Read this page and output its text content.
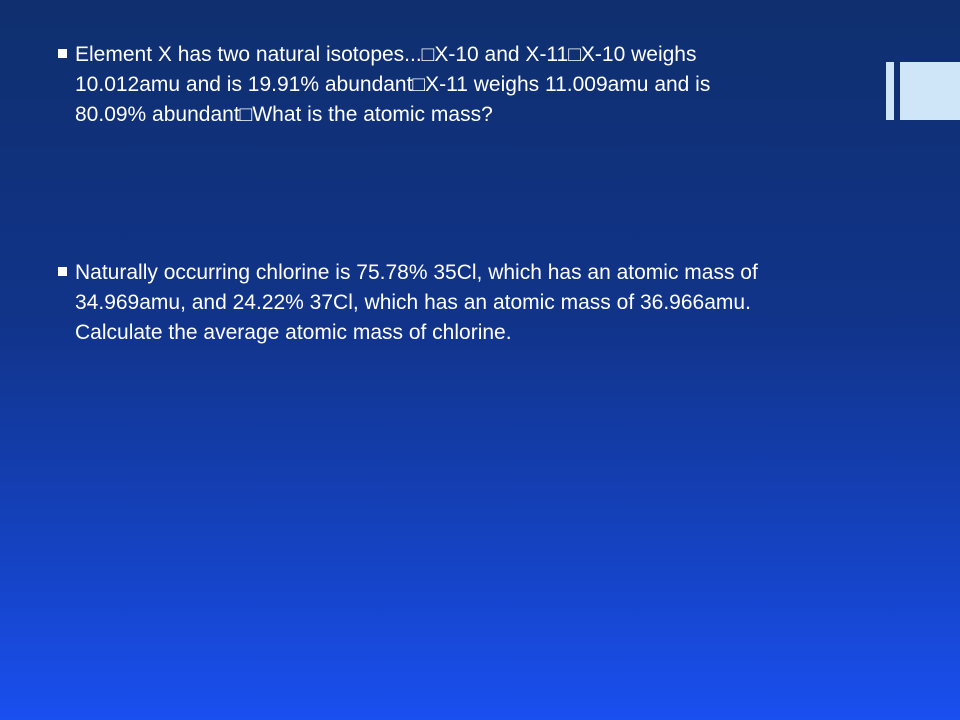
Element X has two natural isotopes...□X-10 and X-11□X-10 weighs
10.012amu and is 19.91% abundant□X-11 weighs 11.009amu and is
80.09% abundant□What is the atomic mass?
Naturally occurring chlorine is 75.78% 35Cl, which has an atomic mass of
34.969amu, and 24.22% 37Cl, which has an atomic mass of 36.966amu.
Calculate the average atomic mass of chlorine.
